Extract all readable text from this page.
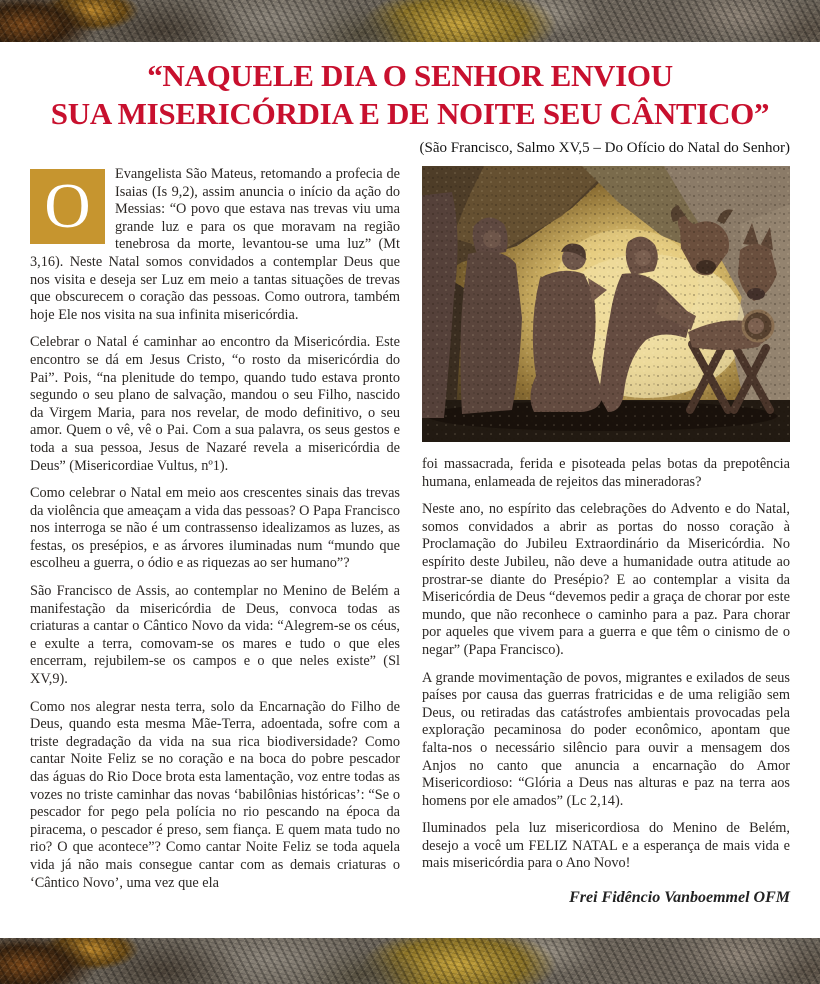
“NAQUELE DIA O SENHOR ENVIOU
SUA MISERICÓRDIA E DE NOITE SEU CÂNTICO”
(São Francisco, Salmo XV,5 – Do Ofício do Natal do Senhor)

O	Evangelista São Mateus, retomando a profecia de Isaias (Is 9,2), assim anuncia o início da ação do Messias: “O povo que estava nas trevas viu uma grande luz e para os que moravam na região tenebrosa da morte, levantou-se uma luz” (Mt 3,16). Neste Natal somos convidados a contemplar Deus que nos visita e deseja ser Luz em meio a tantas situações de trevas que obscurecem o coração das pessoas. Como outrora, também hoje Ele nos visita na sua infinita misericórdia.

Celebrar o Natal é caminhar ao encontro da Misericórdia. Este encontro se dá em Jesus Cristo, “o rosto da misericórdia do Pai”. Pois, “na plenitude do tempo, quando tudo estava pronto segundo o seu plano de salvação, mandou o seu Filho, nascido da Virgem Maria, para nos revelar, de modo definitivo, o seu amor. Quem o vê, vê o Pai. Com a sua palavra, os seus gestos e toda a sua pessoa, Jesus de Nazaré revela a misericórdia de Deus” (Misericordiae Vultus, nº1).

Como celebrar o Natal em meio aos crescentes sinais das trevas da violência que ameaçam a vida das pessoas? O Papa Francisco nos interroga se não é um contrassenso idealizamos as luzes, as festas, os presépios, e as árvores iluminadas num “mundo que escolheu a guerra, o ódio e as riquezas ao ser humano”?

São Francisco de Assis, ao contemplar no Menino de Belém a manifestação da misericórdia de Deus, convoca todas as criaturas a cantar o Cântico Novo da vida: “Alegrem-se os céus, e exulte a terra, comovam-se os mares e tudo o que eles encerram, rejubilem-se os campos e o que neles existe” (Sl XV,9).

Como nos alegrar nesta terra, solo da Encarnação do Filho de Deus, quando esta mesma Mãe-Terra, adoentada, sofre com a triste degradação da vida na sua rica biodiversidade? Como cantar Noite Feliz se no coração e na boca do pobre pescador das águas do Rio Doce brota esta lamentação, voz entre todas as vozes no triste caminhar das novas ‘babilônias históricas’: “Se o pescador for pego pela polícia no rio pescando na época da piracema, o pescador é preso, sem fiança. E quem mata tudo no rio? O que acontece”? Como cantar Noite Feliz se toda aquela vida já não mais consegue cantar com as demais criaturas o ‘Cântico Novo’, uma vez que ela

foi massacrada, ferida e pisoteada pelas botas da prepotência humana, enlameada de rejeitos das mineradoras?

Neste ano, no espírito das celebrações do Advento e do Natal, somos convidados a abrir as portas do nosso coração à Proclamação do Jubileu Extraordinário da Misericórdia. No espírito deste Jubileu, não deve a humanidade outra atitude ao prostrar-se diante do Presépio? E ao contemplar a visita da Misericórdia de Deus “devemos pedir a graça de chorar por este mundo, que não reconhece o caminho para a paz. Para chorar por aqueles que vivem para a guerra e que têm o cinismo de o negar” (Papa Francisco).

A grande movimentação de povos, migrantes e exilados de seus países por causa das guerras fratricidas e de uma religião sem Deus, ou retiradas das catástrofes ambientais provocadas pela exploração pecaminosa do poder econômico, apontam que falta-nos o necessário silêncio para ouvir a mensagem dos Anjos no canto que anuncia a encarnação do Amor Misericordioso: “Glória a Deus nas alturas e paz na terra aos homens por ele amados” (Lc 2,14).

Iluminados pela luz misericordiosa do Menino de Belém, desejo a você um FELIZ NATAL e a esperança de mais vida e mais misericórdia para o Ano Novo!

Frei Fidêncio Vanboemmel OFM
